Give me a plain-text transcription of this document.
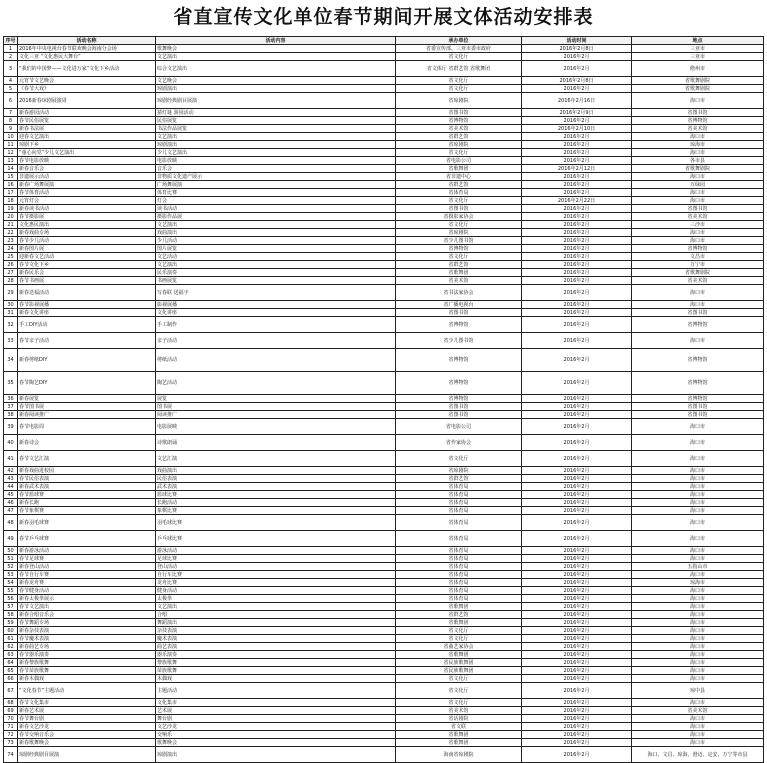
省直宣传文化单位春节期间开展文体活动安排表
序号	活动名称	活动内容	承办单位	活动时间	地点
1	2016年中央电视台春节联欢晚会海南分会场	歌舞晚会	省委宣传部、三亚市委市政府	2016年2月8日	三亚市
2	文化三亚 “文化惠民大舞台”	文艺演出	省文化厅	2016年2月	三亚市
3	“我们的中国梦——文化进万家”文化下乡活动	综合文艺演出	省文体厅 省群艺馆 省歌舞团	2016年2月	儋州市
4	元宵节文艺晚会	文艺晚会	省文化厅	2016年2月8日	省歌舞剧院
5	《春节大戏》	琼剧演出	省文化厅	2016年2月	省歌舞剧院
6	2016新春琼剧展演周	琼剧经典剧目展演	省琼剧院	2016年2月16日	海口市
7	新春游园活动	猜灯谜 游园活动	省图书馆	2016年2月9日	省图书馆
8	春节民俗展览	民俗展览	省博物馆	2016年2月	省博物馆
9	新春书法展	书法作品展览	省美术馆	2016年2月10日	省美术馆
10	迎春文艺演出	文艺演出	省群艺馆	2016年2月	海口市
11	琼剧下乡	琼剧演出	省琼剧院	2016年2月	琼海市
12	“童心向党”少儿文艺演出	少儿文艺演出	省文化厅	2016年2月	海口市
13	春节电影放映	电影放映	省电影公司	2016年2月	各市县
14	新春音乐会	音乐会	省歌舞团	2016年2月12日	省歌舞剧院
15	非遗展示活动	非物质文化遗产展示	省非遗中心	2016年2月	海口市
16	新春广场舞展演	广场舞展演	省群艺馆	2016年2月	万绿园
17	春节体育活动	体育比赛	省体育局	2016年2月	海口市
18	元宵灯会	灯会	省文化厅	2016年2月22日	海口市
19	新春读书活动	读书活动	省图书馆	2016年2月	省图书馆
20	春节摄影展	摄影作品展	省摄影家协会	2016年2月	省美术馆
21	文化惠民演出	文艺演出	省文化厅	2016年2月	三沙市
22	新春戏曲专场	戏曲演出	省琼剧院	2016年2月	海口市
23	春节少儿活动	少儿活动	省少儿图书馆	2016年2月	海口市
24	新春图片展	图片展览	省博物馆	2016年2月	省博物馆
25	迎新春文艺活动	文艺活动	省文化厅	2016年2月	文昌市
26	春节文化下乡	文艺演出	省群艺馆	2016年2月	万宁市
27	新春民乐会	民乐演奏	省歌舞团	2016年2月	省歌舞剧院
28	春节书画展	书画展览	省美术馆	2016年2月	省美术馆
29	新春送福活动	写春联 送福字	省书法家协会	2016年2月	海口市
30	春节影视展播	影视展播	省广播电视台	2016年2月	海口市
31	新春文化讲座	文化讲座	省图书馆	2016年2月	省图书馆
32	手工DIY活动	手工制作	省博物馆	2016年2月	省博物馆
33	春节亲子活动	亲子活动	省少儿图书馆	2016年2月	海口市
34	新春剪纸DIY	剪纸活动	省博物馆	2016年2月	省博物馆
35	春节陶艺DIY	陶艺活动	省博物馆	2016年2月	省博物馆
36	新春展览	展览	省博物馆	2016年2月	省博物馆
37	春节图书展	图书展	省图书馆	2016年2月	省图书馆
38	新春阅读推广	阅读推广	省图书馆	2016年2月	省图书馆
39	春节电影周	电影展映	省电影公司	2016年2月	海口市
40	新春诗会	诗歌朗诵	省作家协会	2016年2月	海口市
41	春节文艺汇演	文艺汇演	省文化厅	2016年2月	海口市
42	新春戏曲进校园	戏曲演出	省琼剧院	2016年2月	海口市
43	春节民俗表演	民俗表演	省群艺馆	2016年2月	海口市
44	新春武术表演	武术表演	省体育局	2016年2月	海口市
45	春节篮球赛	篮球比赛	省体育局	2016年2月	海口市
46	新春长跑	长跑活动	省体育局	2016年2月	海口市
47	春节象棋赛	象棋比赛	省体育局	2016年2月	海口市
48	新春羽毛球赛	羽毛球比赛	省体育局	2016年2月	海口市
49	春节乒乓球赛	乒乓球比赛	省体育局	2016年2月	海口市
50	新春游泳活动	游泳活动	省体育局	2016年2月	海口市
51	春节足球赛	足球比赛	省体育局	2016年2月	海口市
52	新春登山活动	登山活动	省体育局	2016年2月	五指山市
53	春节自行车赛	自行车比赛	省体育局	2016年2月	海口市
54	新春龙舟赛	龙舟比赛	省体育局	2016年2月	琼海市
55	春节健身活动	健身活动	省体育局	2016年2月	海口市
56	新春太极拳展示	太极拳	省体育局	2016年2月	海口市
57	春节文艺演出	文艺演出	省歌舞团	2016年2月	海口市
58	新春合唱音乐会	合唱	省群艺馆	2016年2月	海口市
59	春节舞蹈专场	舞蹈演出	省歌舞团	2016年2月	海口市
60	新春杂技表演	杂技表演	省文化厅	2016年2月	海口市
61	春节魔术表演	魔术表演	省文化厅	2016年2月	海口市
62	新春曲艺专场	曲艺表演	省曲艺家协会	2016年2月	海口市
63	春节器乐演奏	器乐演奏	省歌舞团	2016年2月	海口市
64	新春黎族歌舞	黎族歌舞	省民族歌舞团	2016年2月	海口市
65	春节苗族歌舞	苗族歌舞	省民族歌舞团	2016年2月	海口市
66	新春木偶戏	木偶戏	省文化厅	2016年2月	海口市
67	“文化春节”主题活动	主题活动	省文化厅	2016年2月	琼中县
68	春节文化集市	文化集市	省文化厅	2016年2月	海口市
69	新春艺术展	艺术展	省美术馆	2016年2月	省美术馆
70	春节舞台剧	舞台剧	省话剧院	2016年2月	海口市
71	新春文艺沙龙	文艺沙龙	省文联	2016年2月	海口市
72	春节交响音乐会	交响乐	省歌舞团	2016年2月	海口市
73	新春歌舞晚会	歌舞晚会	省歌舞团	2016年2月	海口市
74	琼剧经典剧目展演	琼剧演出	海南省琼剧院	2016年2月	海口、文昌、琼海、澄迈、定安、万宁等市县
